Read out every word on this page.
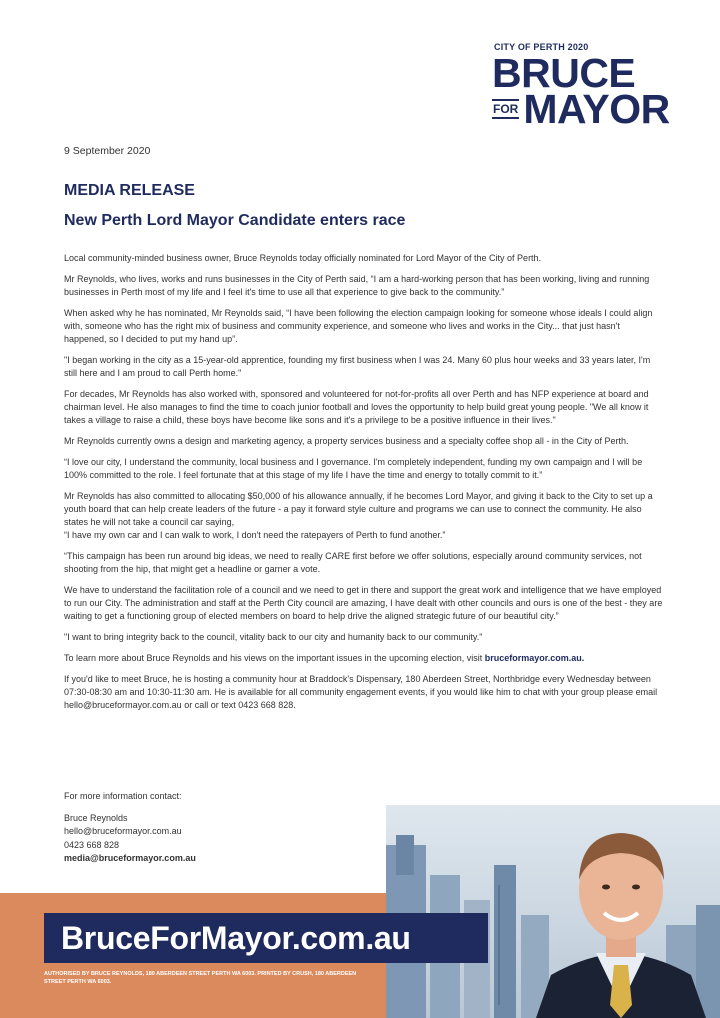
CITY OF PERTH 2020
BRUCE
FOR MAYOR
9 September 2020
MEDIA RELEASE
New Perth Lord Mayor Candidate enters race

Local community-minded business owner, Bruce Reynolds today officially nominated for Lord Mayor of the City of Perth.

Mr Reynolds, who lives, works and runs businesses in the City of Perth said, “I am a hard-working person that has been working, living and running businesses in Perth most of my life and I feel it's time to use all that experience to give back to the community.”

When asked why he has nominated, Mr Reynolds said, “I have been following the election campaign looking for someone whose ideals I could align with, someone who has the right mix of business and community experience, and someone who lives and works in the City... that just hasn't happened, so I decided to put my hand up”.

"I began working in the city as a 15-year-old apprentice, founding my first business when I was 24. Many 60 plus hour weeks and 33 years later, I'm still here and I am proud to call Perth home."

For decades, Mr Reynolds has also worked with, sponsored and volunteered for not-for-profits all over Perth and has NFP experience at board and chairman level. He also manages to find the time to coach junior football and loves the opportunity to help build great young people. "We all know it takes a village to raise a child, these boys have become like sons and it's a privilege to be a positive influence in their lives."

Mr Reynolds currently owns a design and marketing agency, a property services business and a specialty coffee shop all - in the City of Perth.

“I love our city, I understand the community, local business and I governance. I'm completely independent, funding my own campaign and I will be 100% committed to the role. I feel fortunate that at this stage of my life I have the time and energy to totally commit to it.”

Mr Reynolds has also committed to allocating $50,000 of his allowance annually, if he becomes Lord Mayor, and giving it back to the City to set up a youth board that can help create leaders of the future - a pay it forward style culture and programs we can use to connect the community. He also states he will not take a council car saying,
“I have my own car and I can walk to work, I don't need the ratepayers of Perth to fund another.”

“This campaign has been run around big ideas, we need to really CARE first before we offer solutions, especially around community services, not shooting from the hip, that might get a headline or garner a vote.

We have to understand the facilitation role of a council and we need to get in there and support the great work and intelligence that we have employed to run our City. The administration and staff at the Perth City council are amazing, I have dealt with other councils and ours is one of the best - they are waiting to get a functioning group of elected members on board to help drive the aligned strategic future of our beautiful city.”

"I want to bring integrity back to the council, vitality back to our city and humanity back to our community."

To learn more about Bruce Reynolds and his views on the important issues in the upcoming election, visit bruceformayor.com.au.

If you'd like to meet Bruce, he is hosting a community hour at Braddock's Dispensary, 180 Aberdeen Street, Northbridge every Wednesday between 07:30-08:30 am and 10:30-11:30 am. He is available for all community engagement events, if you would like him to chat with your group please email hello@bruceformayor.com.au or call or text 0423 668 828.

For more information contact:
Bruce Reynolds
hello@bruceformayor.com.au
0423 668 828
media@bruceformayor.com.au
BruceForMayor.com.au
AUTHORISED BY BRUCE REYNOLDS, 180 ABERDEEN STREET PERTH WA 6003. PRINTED BY CRUSH, 180 ABERDEEN STREET PERTH WA 6003.
